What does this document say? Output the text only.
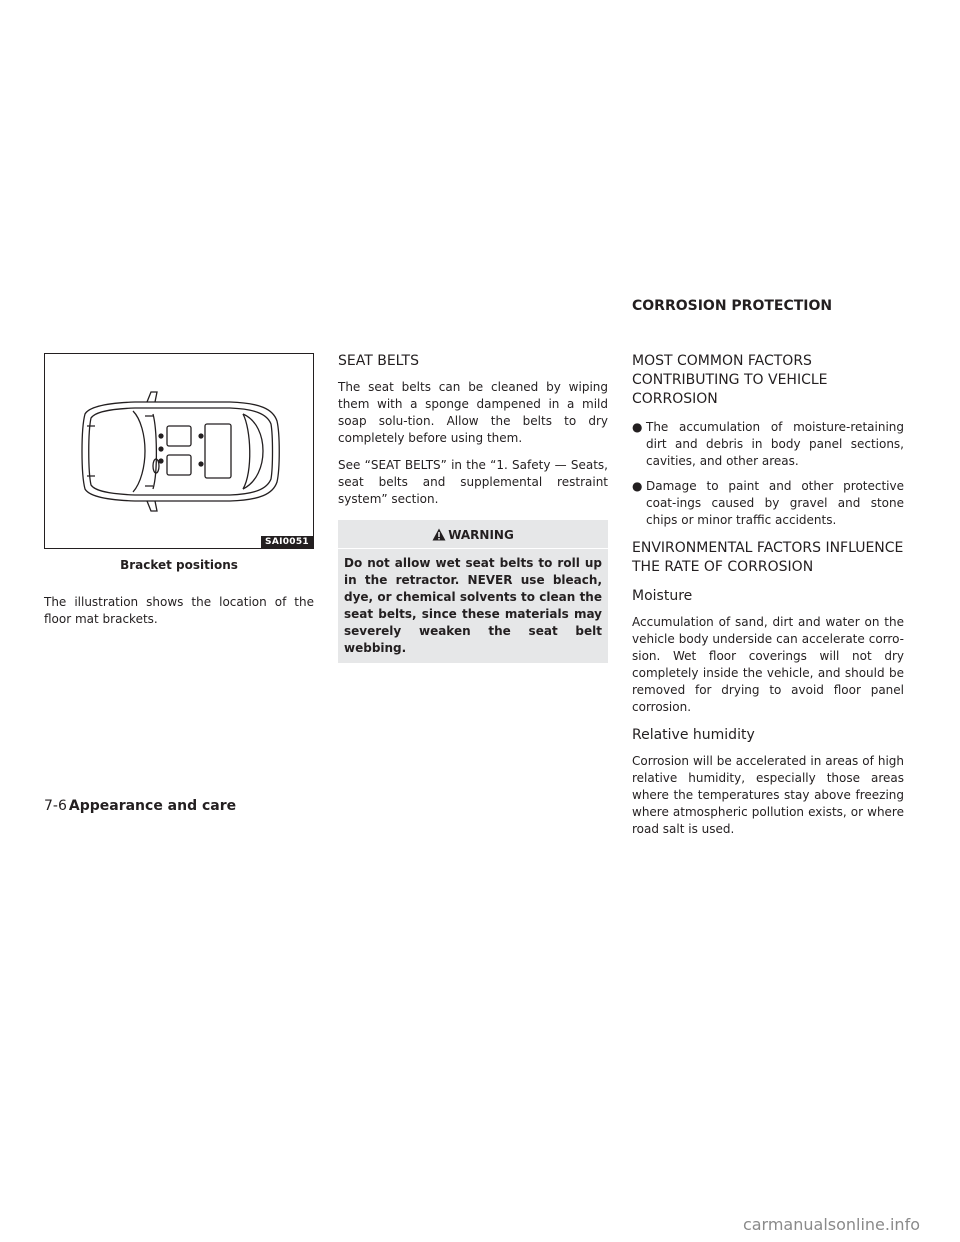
CORROSION PROTECTION
SAI0051
Bracket positions

The illustration shows the location of the floor mat brackets.

SEAT BELTS

The seat belts can be cleaned by wiping them with a sponge dampened in a mild soap solu-tion. Allow the belts to dry completely before using them.

See “SEAT BELTS” in the “1. Safety — Seats, seat belts and supplemental restraint system” section.

WARNING
Do not allow wet seat belts to roll up in the retractor. NEVER use bleach, dye, or chemical solvents to clean the seat belts, since these materials may severely weaken the seat belt webbing.
MOST COMMON FACTORS
CONTRIBUTING TO VEHICLE
CORROSION
● The accumulation of moisture-retaining dirt and debris in body panel sections, cavities, and other areas.
● Damage to paint and other protective coat-ings caused by gravel and stone chips or minor traffic accidents.
ENVIRONMENTAL FACTORS INFLUENCE
THE RATE OF CORROSION
Moisture

Accumulation of sand, dirt and water on the vehicle body underside can accelerate corro-sion. Wet floor coverings will not dry completely inside the vehicle, and should be removed for drying to avoid floor panel corrosion.

Relative humidity

Corrosion will be accelerated in areas of high relative humidity, especially those areas where the temperatures stay above freezing where atmospheric pollution exists, or where road salt is used.

7-6 Appearance and care
carmanualsonline.info
